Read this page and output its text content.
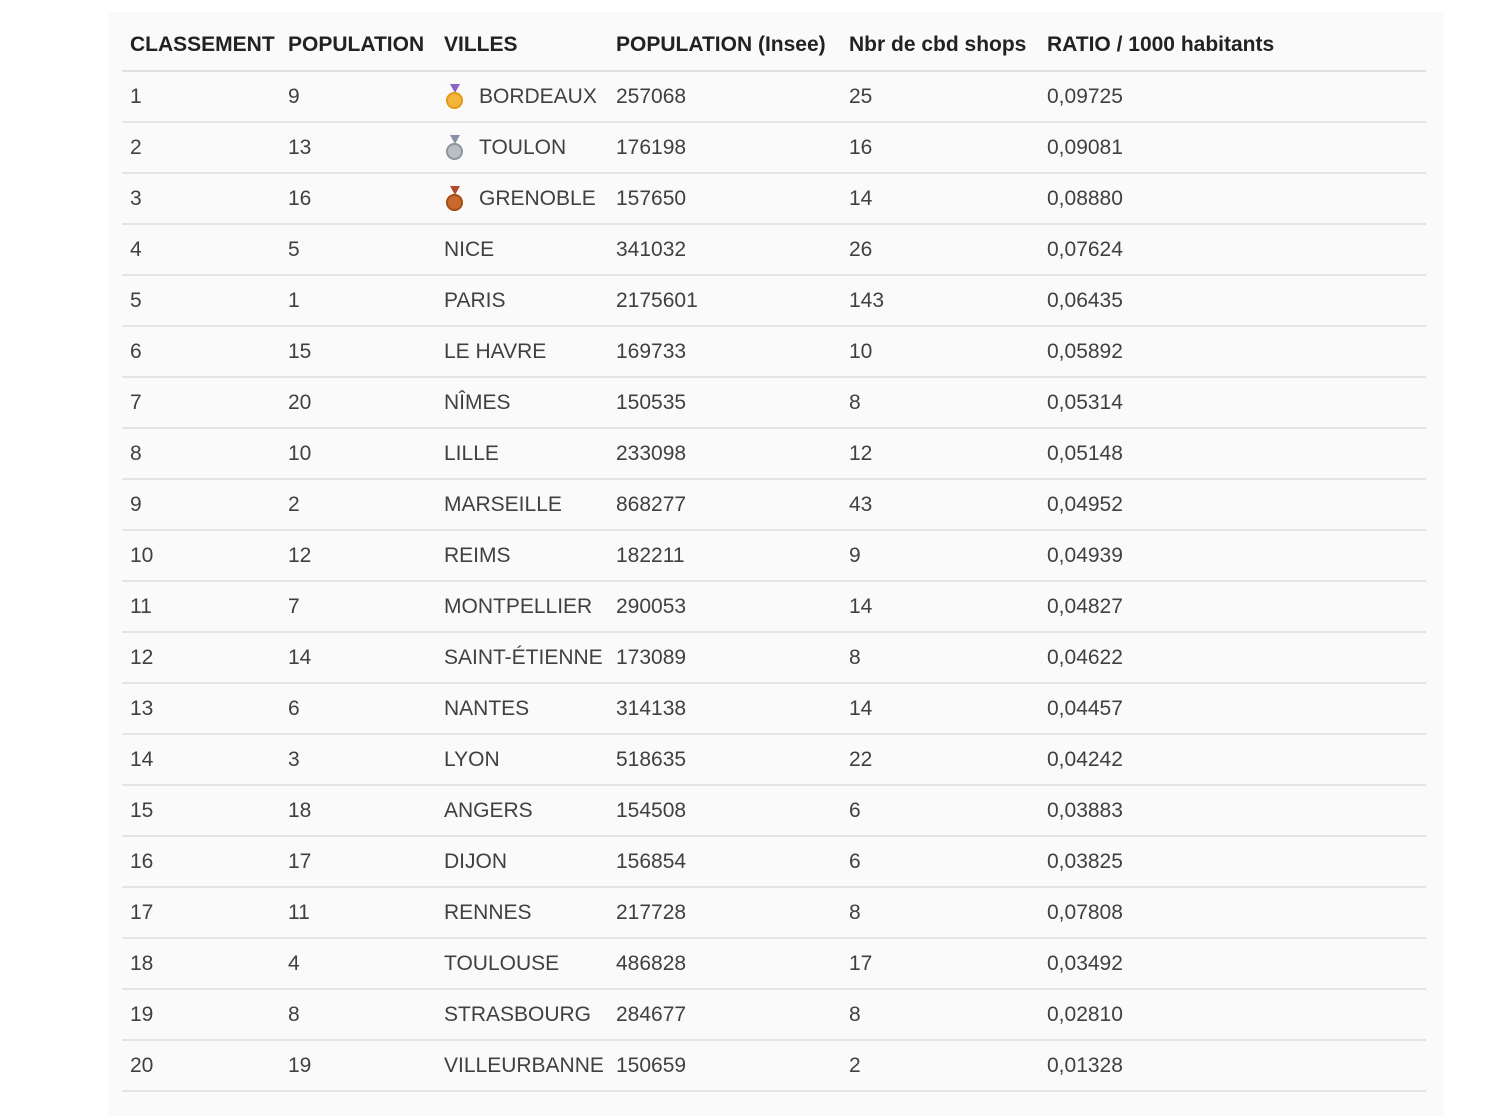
CLASSEMENT	POPULATION	VILLES	POPULATION (Insee)	Nbr de cbd shops	RATIO / 1000 habitants
1	9	BORDEAUX	257068	25	0,09725
2	13	TOULON	176198	16	0,09081
3	16	GRENOBLE	157650	14	0,08880
4	5	NICE	341032	26	0,07624
5	1	PARIS	2175601	143	0,06435
6	15	LE HAVRE	169733	10	0,05892
7	20	NÎMES	150535	8	0,05314
8	10	LILLE	233098	12	0,05148
9	2	MARSEILLE	868277	43	0,04952
10	12	REIMS	182211	9	0,04939
11	7	MONTPELLIER	290053	14	0,04827
12	14	SAINT-ÉTIENNE	173089	8	0,04622
13	6	NANTES	314138	14	0,04457
14	3	LYON	518635	22	0,04242
15	18	ANGERS	154508	6	0,03883
16	17	DIJON	156854	6	0,03825
17	11	RENNES	217728	8	0,07808
18	4	TOULOUSE	486828	17	0,03492
19	8	STRASBOURG	284677	8	0,02810
20	19	VILLEURBANNE	150659	2	0,01328
